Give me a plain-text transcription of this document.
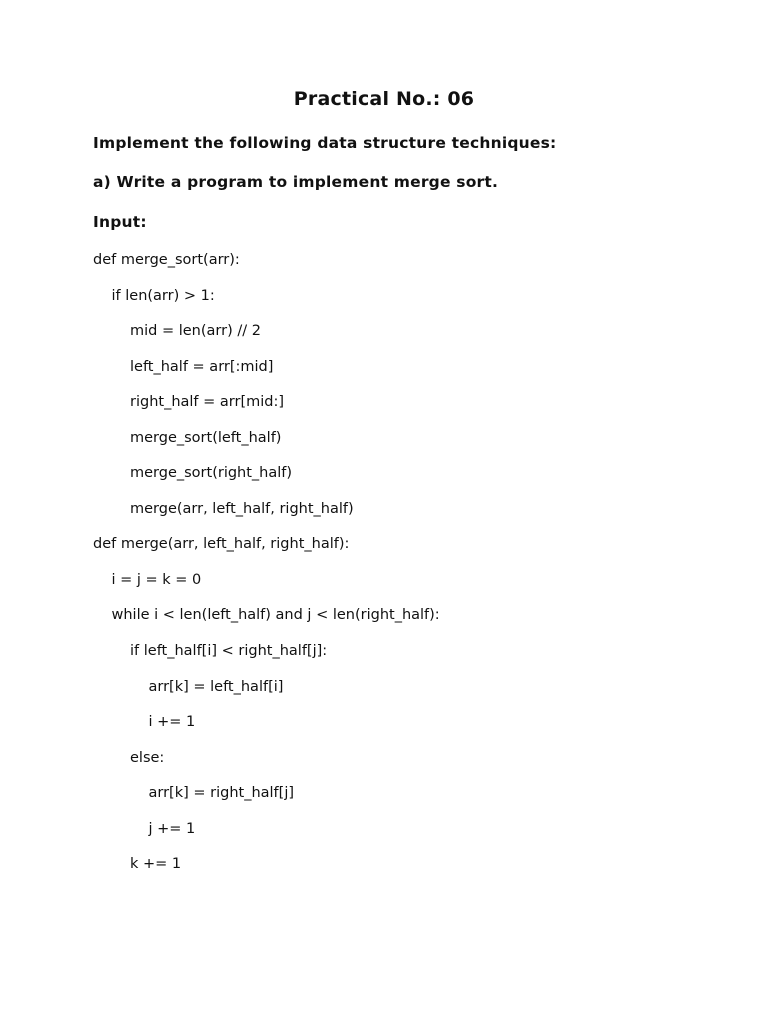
Practical No.: 06
Implement the following data structure techniques:
a) Write a program to implement merge sort.
Input:
def merge_sort(arr):
if len(arr) > 1:
mid = len(arr) // 2
left_half = arr[:mid]
right_half = arr[mid:]
merge_sort(left_half)
merge_sort(right_half)
merge(arr, left_half, right_half)
def merge(arr, left_half, right_half):
i = j = k = 0
while i < len(left_half) and j < len(right_half):
if left_half[i] < right_half[j]:
arr[k] = left_half[i]
i += 1
else:
arr[k] = right_half[j]
j += 1
k += 1
